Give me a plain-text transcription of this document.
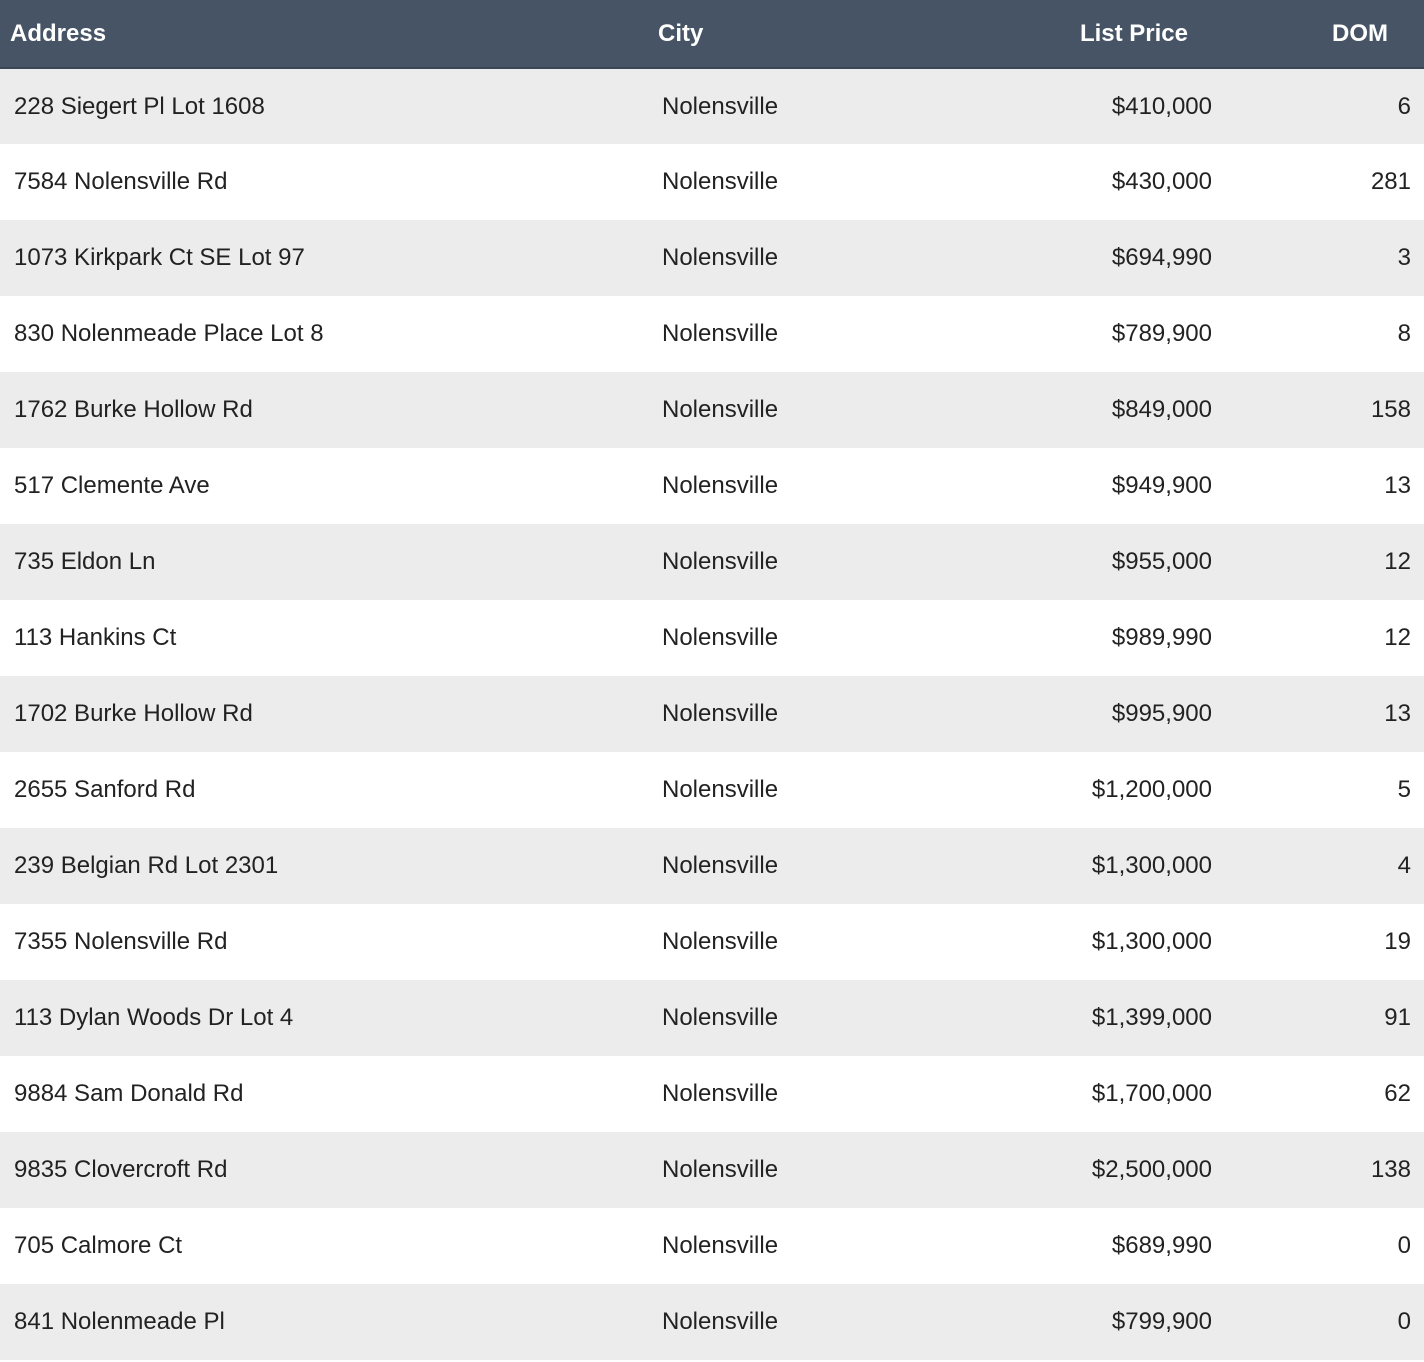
Address	City	List Price	DOM
228 Siegert Pl Lot 1608	Nolensville	$410,000	6
7584 Nolensville Rd	Nolensville	$430,000	281
1073 Kirkpark Ct SE Lot 97	Nolensville	$694,990	3
830 Nolenmeade Place Lot 8	Nolensville	$789,900	8
1762 Burke Hollow Rd	Nolensville	$849,000	158
517 Clemente Ave	Nolensville	$949,900	13
735 Eldon Ln	Nolensville	$955,000	12
113 Hankins Ct	Nolensville	$989,990	12
1702 Burke Hollow Rd	Nolensville	$995,900	13
2655 Sanford Rd	Nolensville	$1,200,000	5
239 Belgian Rd Lot 2301	Nolensville	$1,300,000	4
7355 Nolensville Rd	Nolensville	$1,300,000	19
113 Dylan Woods Dr Lot 4	Nolensville	$1,399,000	91
9884 Sam Donald Rd	Nolensville	$1,700,000	62
9835 Clovercroft Rd	Nolensville	$2,500,000	138
705 Calmore Ct	Nolensville	$689,990	0
841 Nolenmeade Pl	Nolensville	$799,900	0
